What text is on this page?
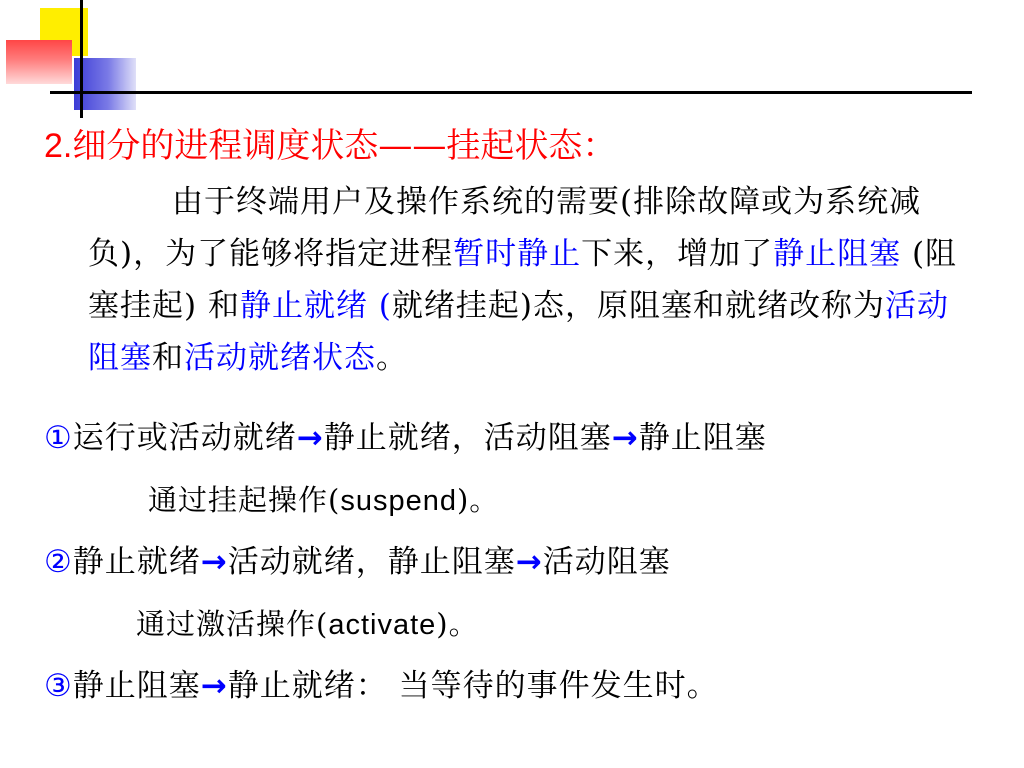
2.细分的进程调度状态——挂起状态：
由于终端用户及操作系统的需要(排除故障或为系统减负)，为了能够将指定进程暂时静止下来，增加了静止阻塞 (阻塞挂起) 和静止就绪 (就绪挂起)态，原阻塞和就绪改称为活动阻塞和活动就绪状态。
①运行或活动就绪→静止就绪，活动阻塞→静止阻塞
通过挂起操作(suspend)。
②静止就绪→活动就绪，静止阻塞→活动阻塞
通过激活操作(activate)。
③静止阻塞→静止就绪： 当等待的事件发生时。
